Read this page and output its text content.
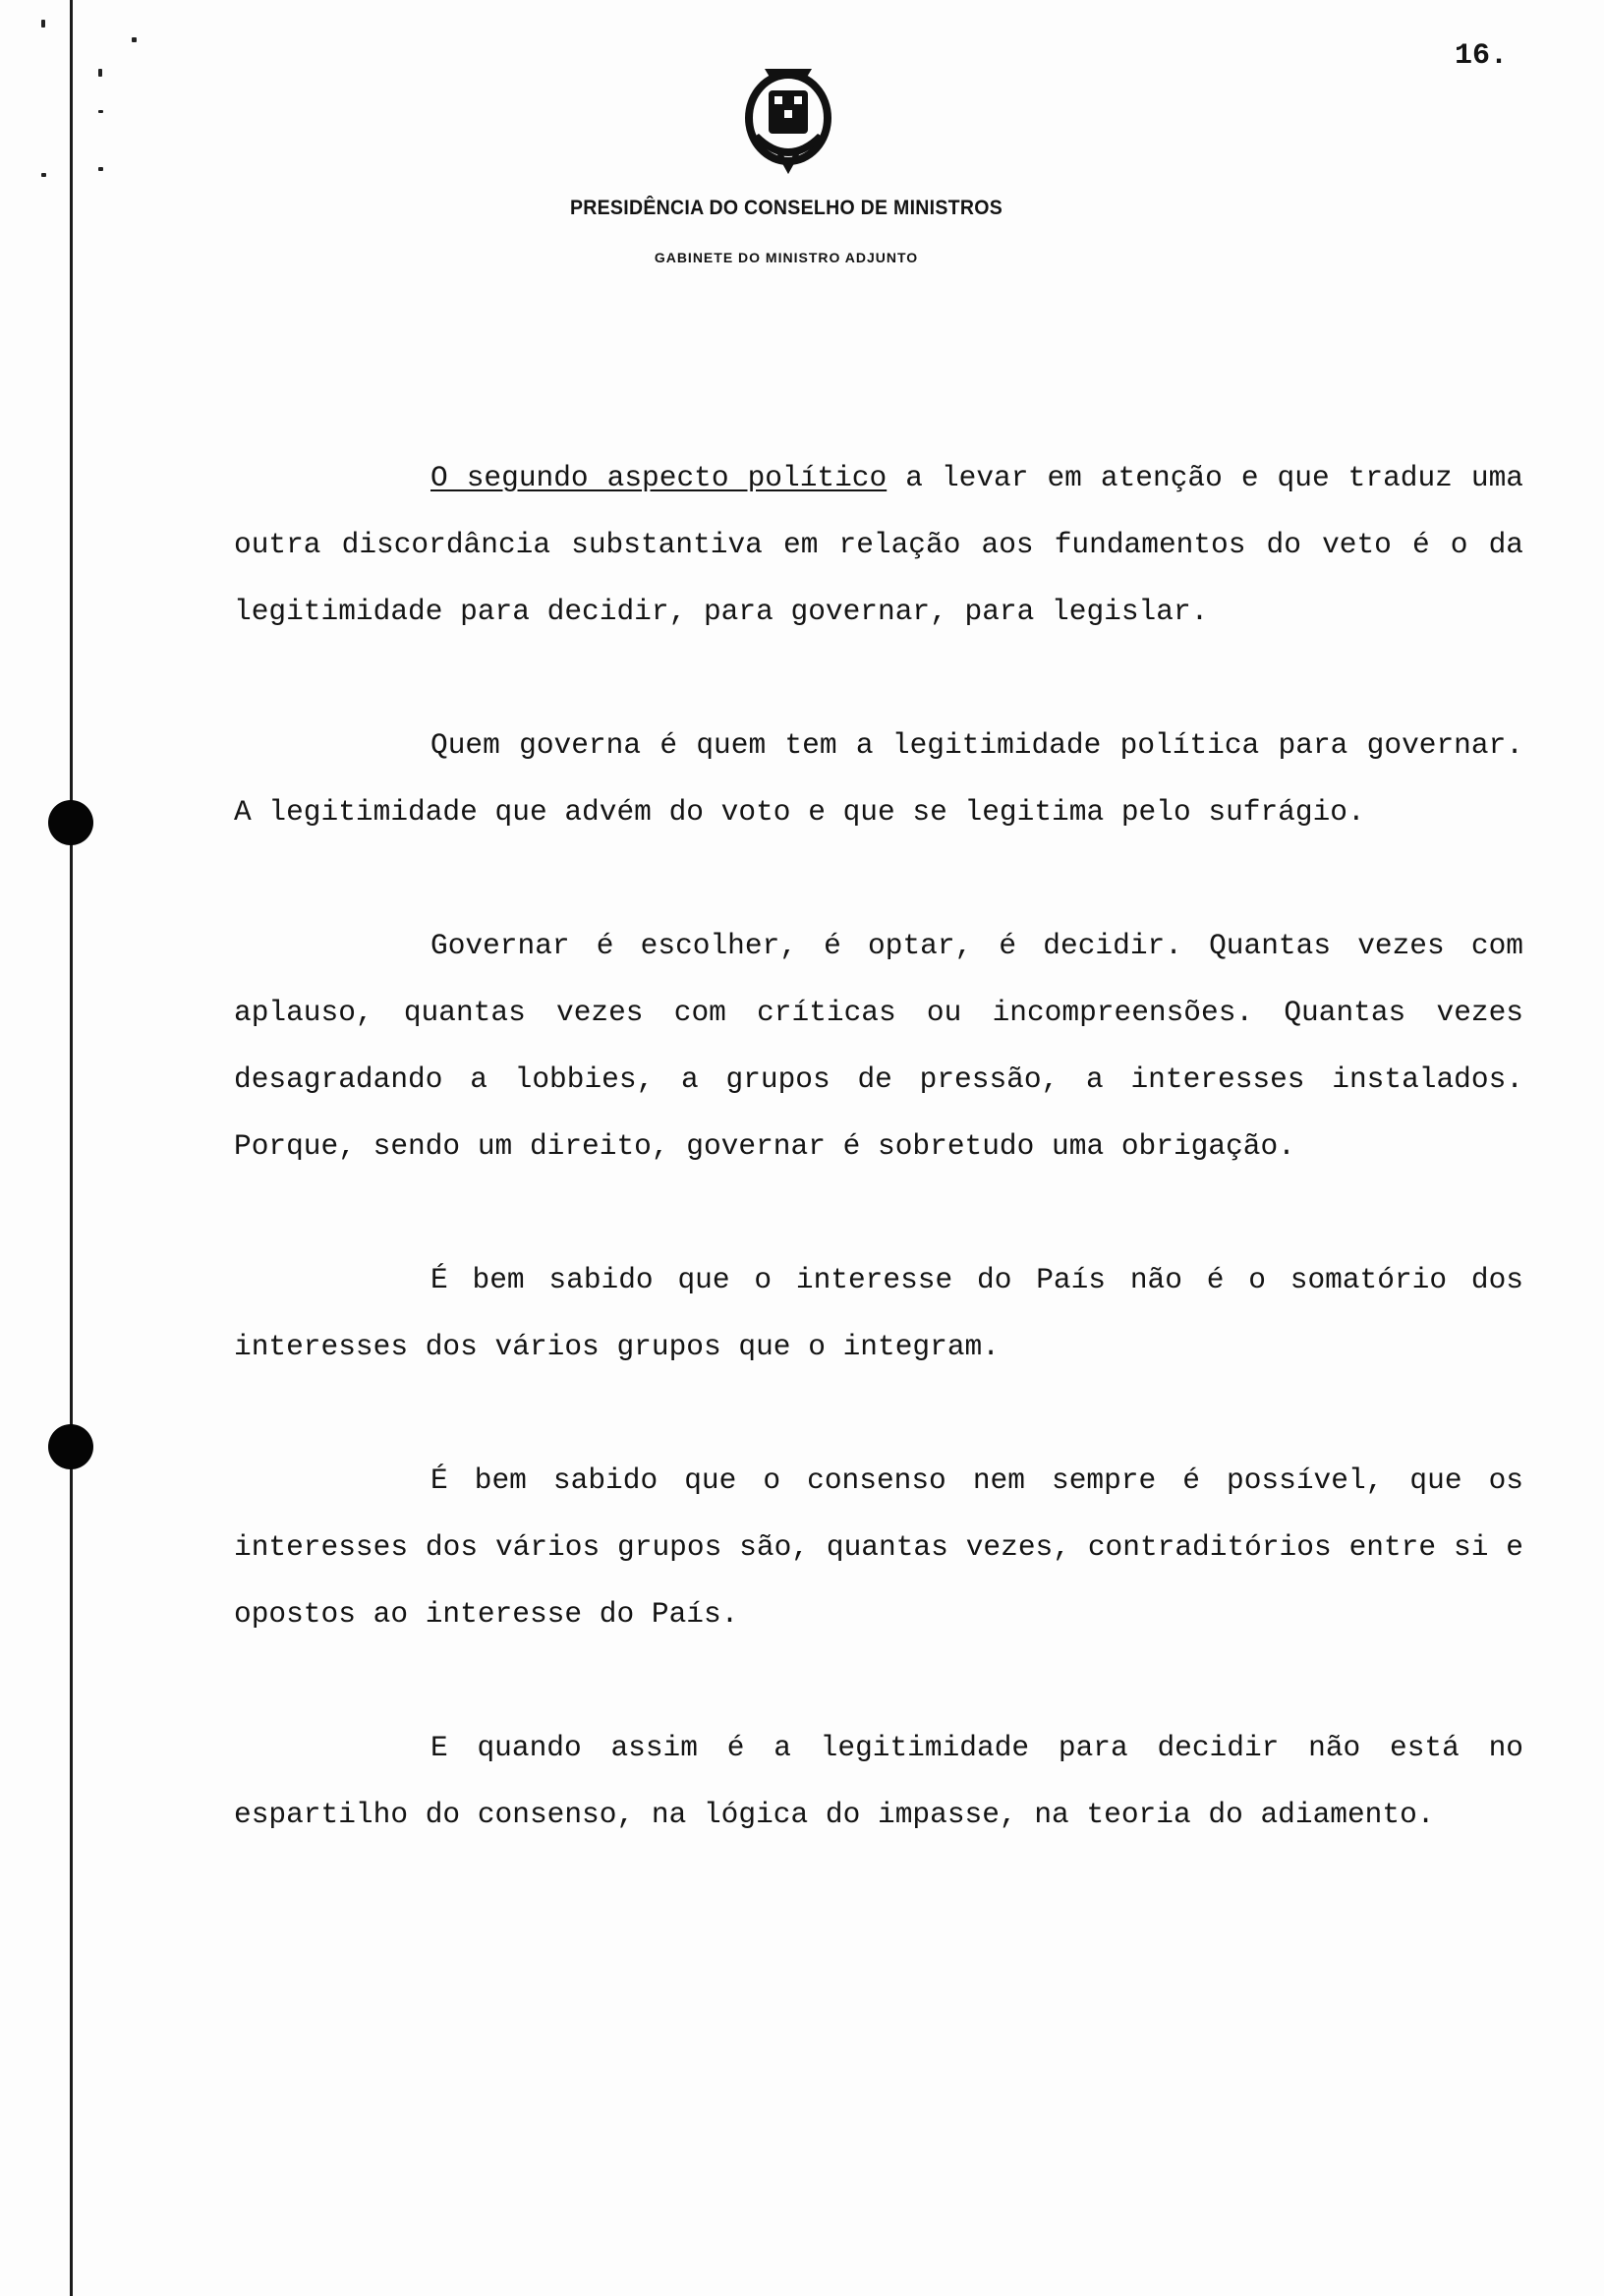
16.
PRESIDÊNCIA DO CONSELHO DE MINISTROS
GABINETE DO MINISTRO ADJUNTO

O segundo aspecto político a levar em atenção e que traduz uma outra discordância substantiva em relação aos fundamentos do veto é o da legitimidade para decidir, para governar, para legislar.

Quem governa é quem tem a legitimidade política para governar. A legitimidade que advém do voto e que se legitima pelo sufrágio.

Governar é escolher, é optar, é decidir. Quantas vezes com aplauso, quantas vezes com críticas ou incompreensões. Quantas vezes desagradando a lobbies, a grupos de pressão, a interesses instalados. Porque, sendo um direito, governar é sobretudo uma obrigação.

É bem sabido que o interesse do País não é o somatório dos interesses dos vários grupos que o integram.

É bem sabido que o consenso nem sempre é possível, que os interesses dos vários grupos são, quantas vezes, contraditórios entre si e opostos ao interesse do País.

E quando assim é a legitimidade para decidir não está no espartilho do consenso, na lógica do impasse, na teoria do adiamento.
